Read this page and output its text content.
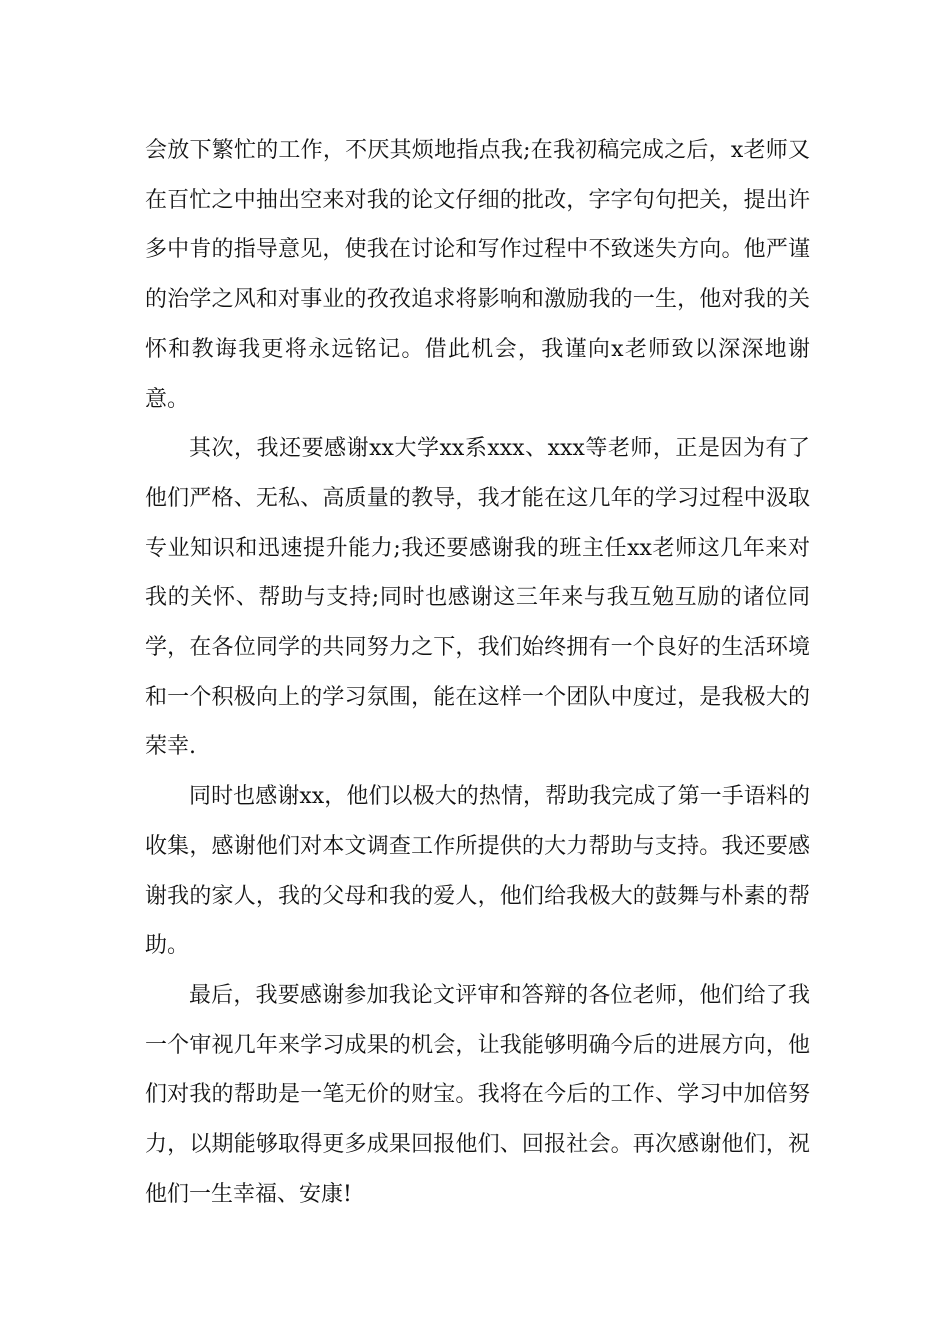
会放下繁忙的工作，不厌其烦地指点我;在我初稿完成之后，x老师又在百忙之中抽出空来对我的论文仔细的批改，字字句句把关，提出许多中肯的指导意见，使我在讨论和写作过程中不致迷失方向。他严谨的治学之风和对事业的孜孜追求将影响和激励我的一生，他对我的关怀和教诲我更将永远铭记。借此机会，我谨向x老师致以深深地谢意。

其次，我还要感谢xx大学xx系xxx、xxx等老师，正是因为有了他们严格、无私、高质量的教导，我才能在这几年的学习过程中汲取专业知识和迅速提升能力;我还要感谢我的班主任xx老师这几年来对我的关怀、帮助与支持;同时也感谢这三年来与我互勉互励的诸位同学，在各位同学的共同努力之下，我们始终拥有一个良好的生活环境和一个积极向上的学习氛围，能在这样一个团队中度过，是我极大的荣幸.

同时也感谢xx，他们以极大的热情，帮助我完成了第一手语料的收集，感谢他们对本文调查工作所提供的大力帮助与支持。我还要感谢我的家人，我的父母和我的爱人，他们给我极大的鼓舞与朴素的帮助。

最后，我要感谢参加我论文评审和答辩的各位老师，他们给了我一个审视几年来学习成果的机会，让我能够明确今后的进展方向，他们对我的帮助是一笔无价的财宝。我将在今后的工作、学习中加倍努力，以期能够取得更多成果回报他们、回报社会。再次感谢他们，祝他们一生幸福、安康!
